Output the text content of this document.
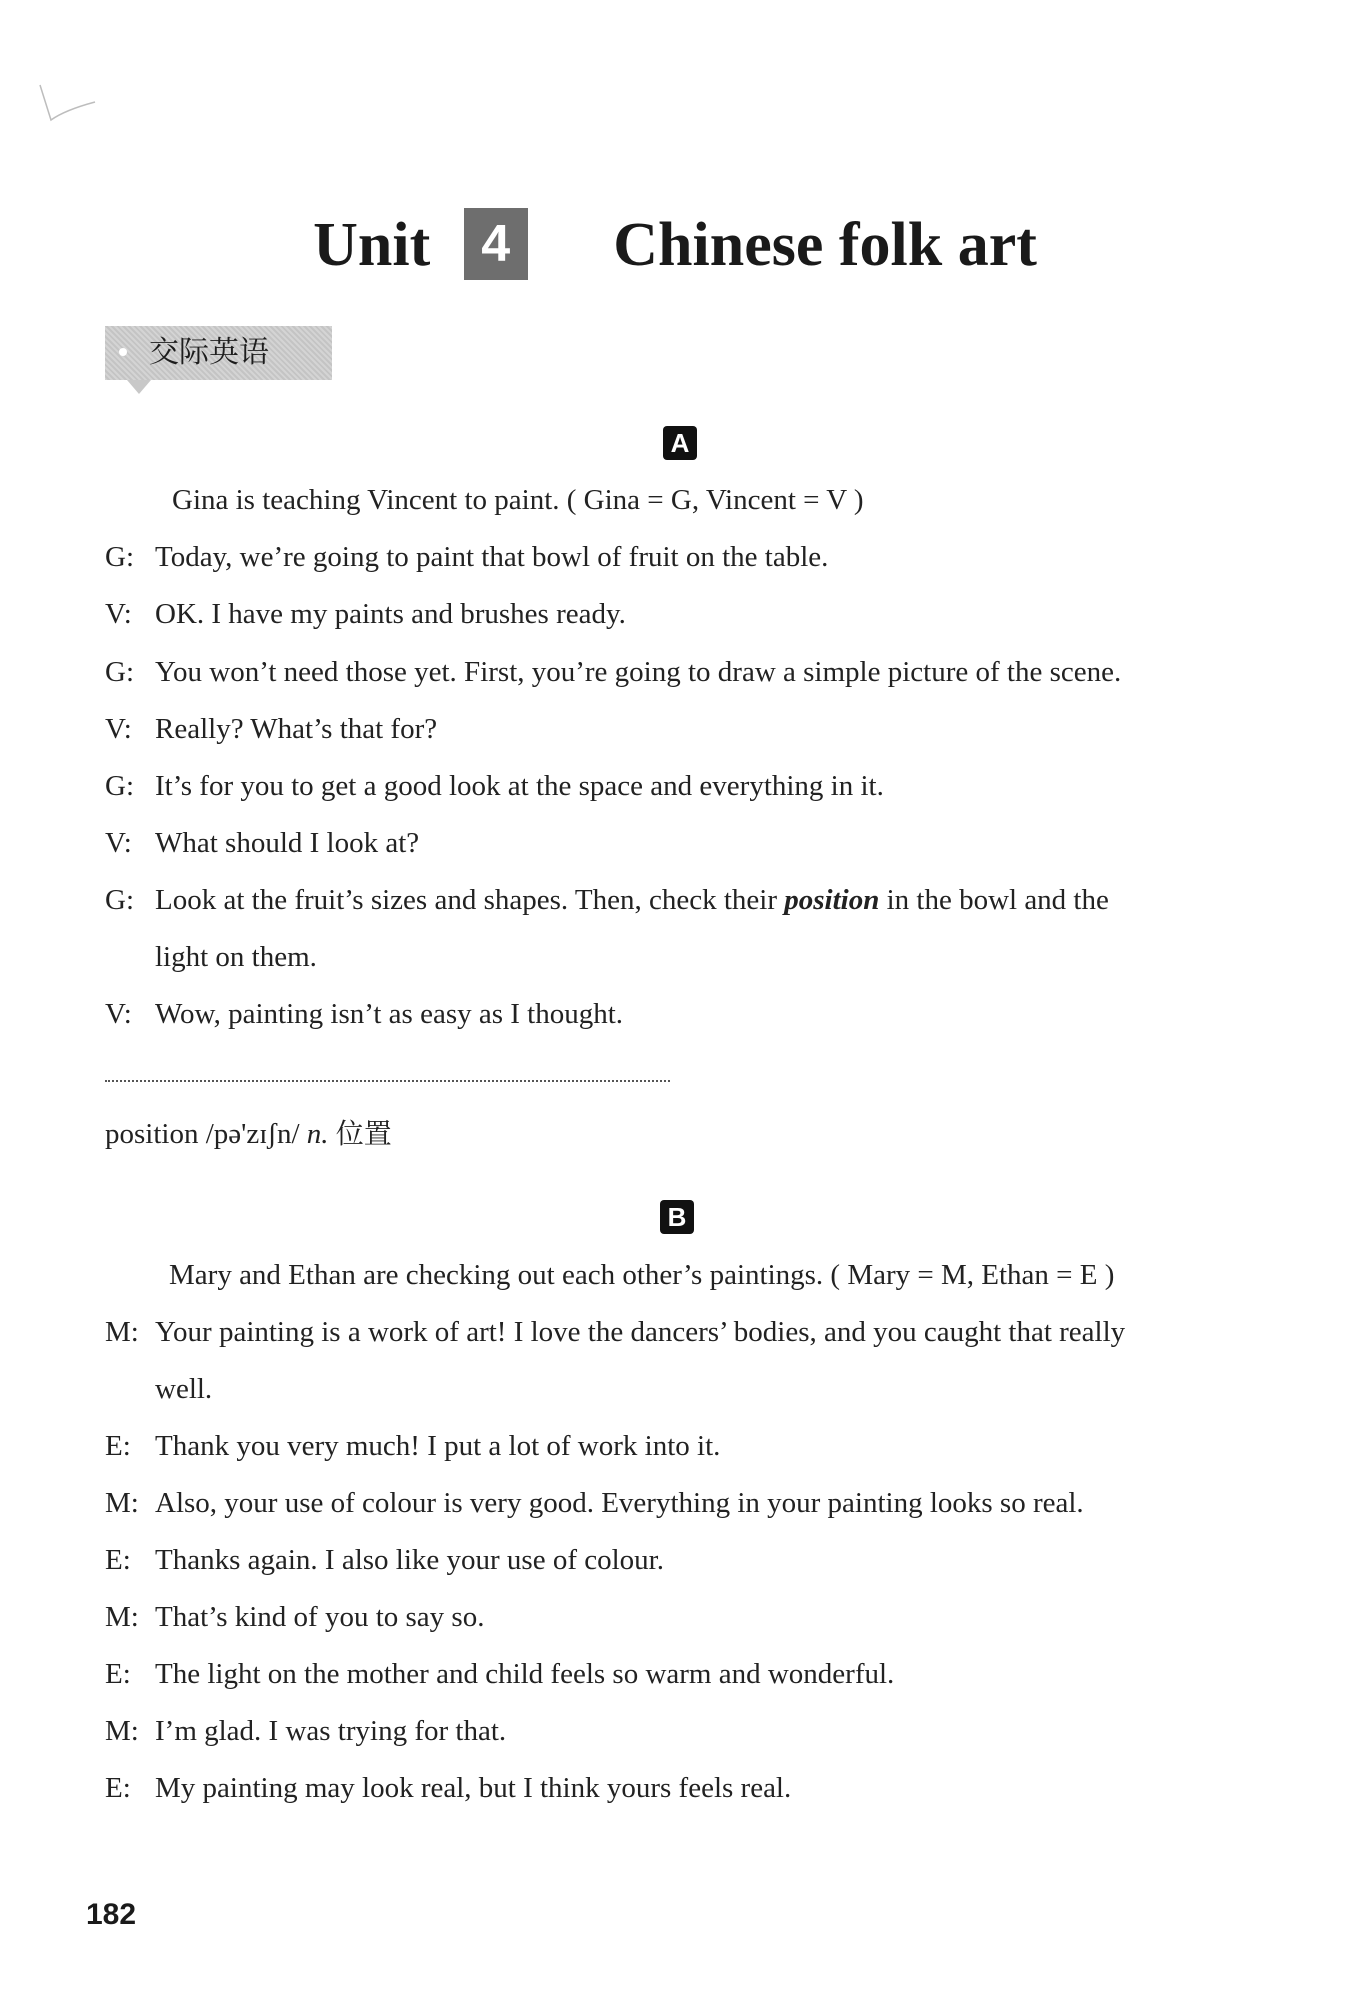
Unit 4 Chinese folk art
交际英语
A
Gina is teaching Vincent to paint. ( Gina = G, Vincent = V )
G: Today, we’re going to paint that bowl of fruit on the table.
V: OK. I have my paints and brushes ready.
G: You won’t need those yet. First, you’re going to draw a simple picture of the scene.
V: Really? What’s that for?
G: It’s for you to get a good look at the space and everything in it.
V: What should I look at?
G: Look at the fruit’s sizes and shapes. Then, check their position in the bowl and the
light on them.
V: Wow, painting isn’t as easy as I thought.
position /pə'zɪʃn/ n. 位置
B
Mary and Ethan are checking out each other’s paintings. ( Mary = M, Ethan = E )
M: Your painting is a work of art! I love the dancers’ bodies, and you caught that really
well.
E: Thank you very much! I put a lot of work into it.
M: Also, your use of colour is very good. Everything in your painting looks so real.
E: Thanks again. I also like your use of colour.
M: That’s kind of you to say so.
E: The light on the mother and child feels so warm and wonderful.
M: I’m glad. I was trying for that.
E: My painting may look real, but I think yours feels real.
182
